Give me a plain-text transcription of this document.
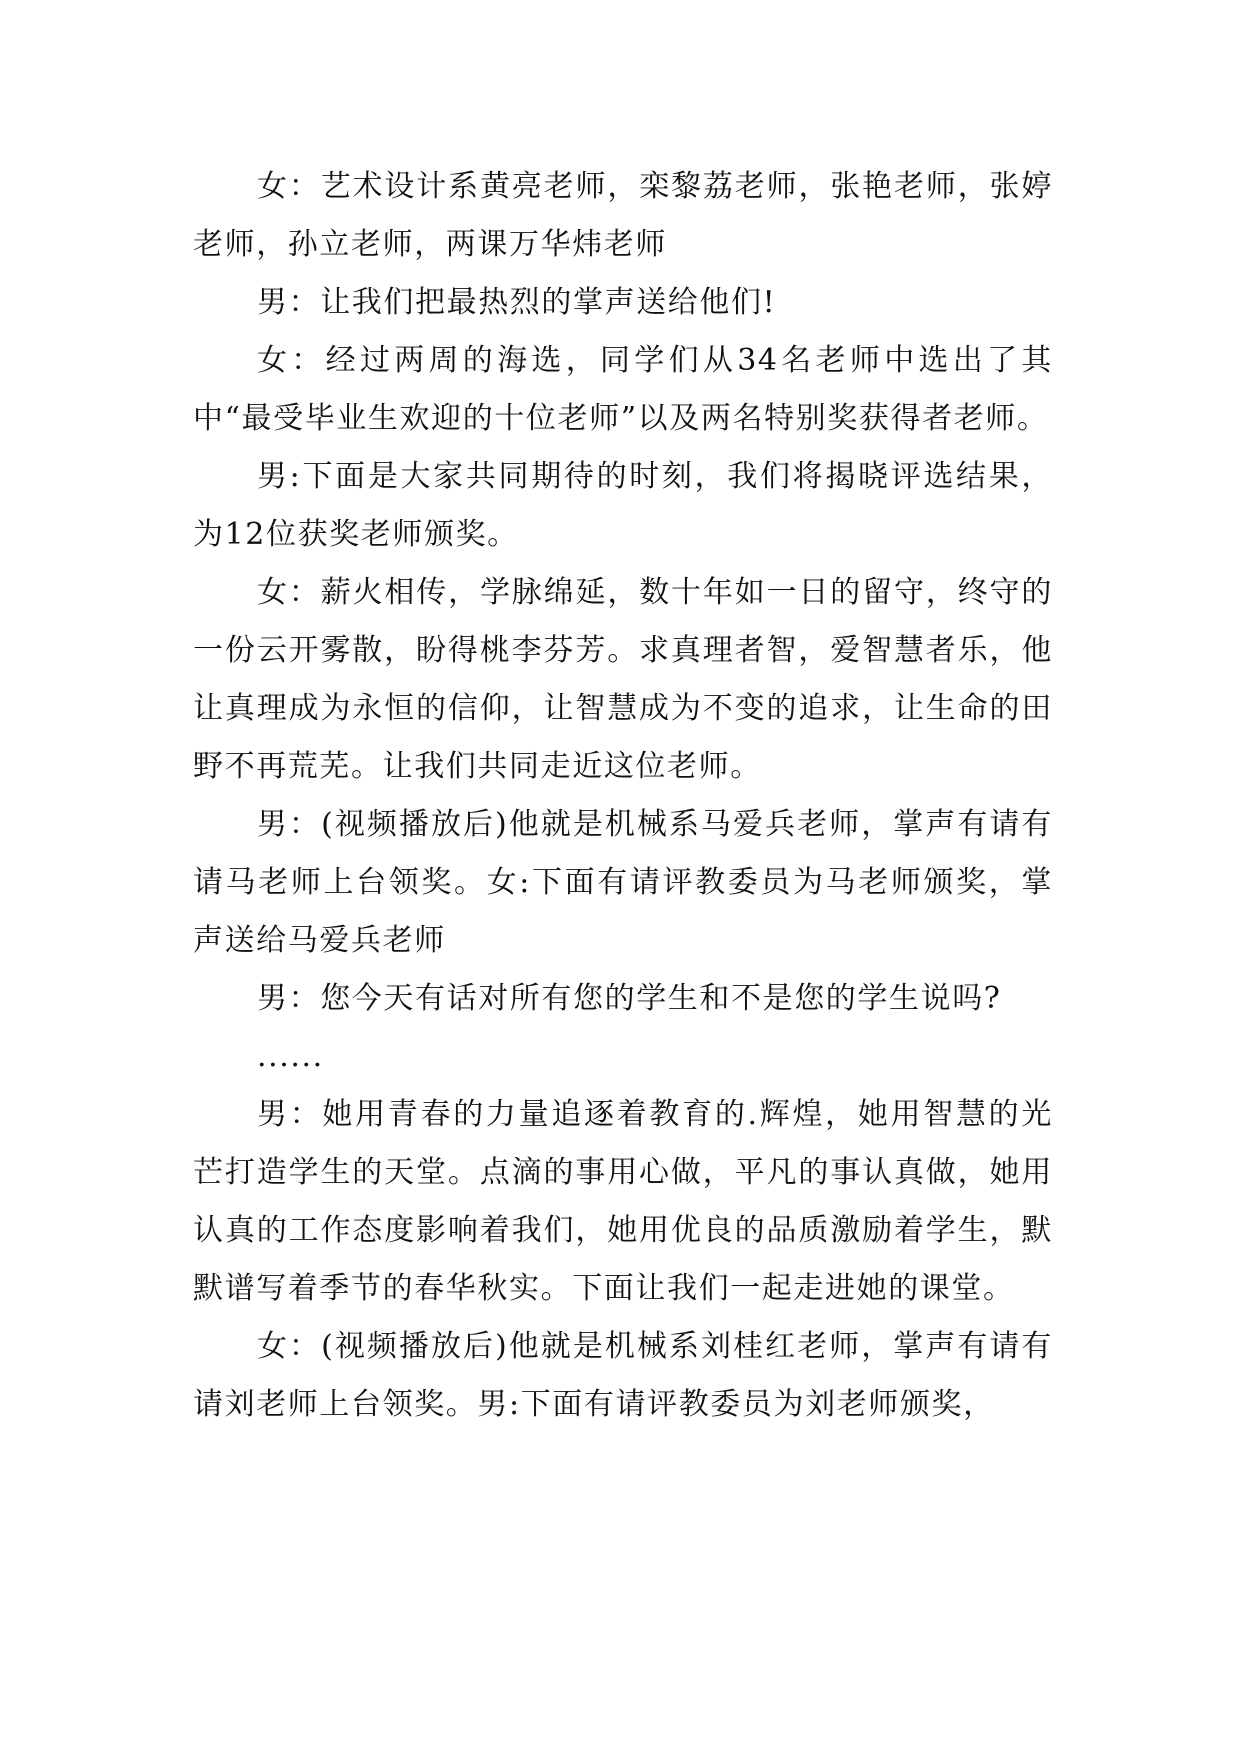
女：艺术设计系黄亮老师，栾黎荔老师，张艳老师，张婷老师，孙立老师，两课万华炜老师

男：让我们把最热烈的掌声送给他们!

女：经过两周的海选，同学们从34名老师中选出了其中“最受毕业生欢迎的十位老师”以及两名特别奖获得者老师。

男:下面是大家共同期待的时刻，我们将揭晓评选结果，为12位获奖老师颁奖。

女：薪火相传，学脉绵延，数十年如一日的留守，终守的一份云开雾散，盼得桃李芬芳。求真理者智，爱智慧者乐，他让真理成为永恒的信仰，让智慧成为不变的追求，让生命的田野不再荒芜。让我们共同走近这位老师。

男：(视频播放后)他就是机械系马爱兵老师，掌声有请有请马老师上台领奖。女:下面有请评教委员为马老师颁奖，掌声送给马爱兵老师

男：您今天有话对所有您的学生和不是您的学生说吗?

......

男：她用青春的力量追逐着教育的.辉煌，她用智慧的光芒打造学生的天堂。点滴的事用心做，平凡的事认真做，她用认真的工作态度影响着我们，她用优良的品质激励着学生，默默谱写着季节的春华秋实。下面让我们一起走进她的课堂。

女：(视频播放后)他就是机械系刘桂红老师，掌声有请有请刘老师上台领奖。男:下面有请评教委员为刘老师颁奖，
